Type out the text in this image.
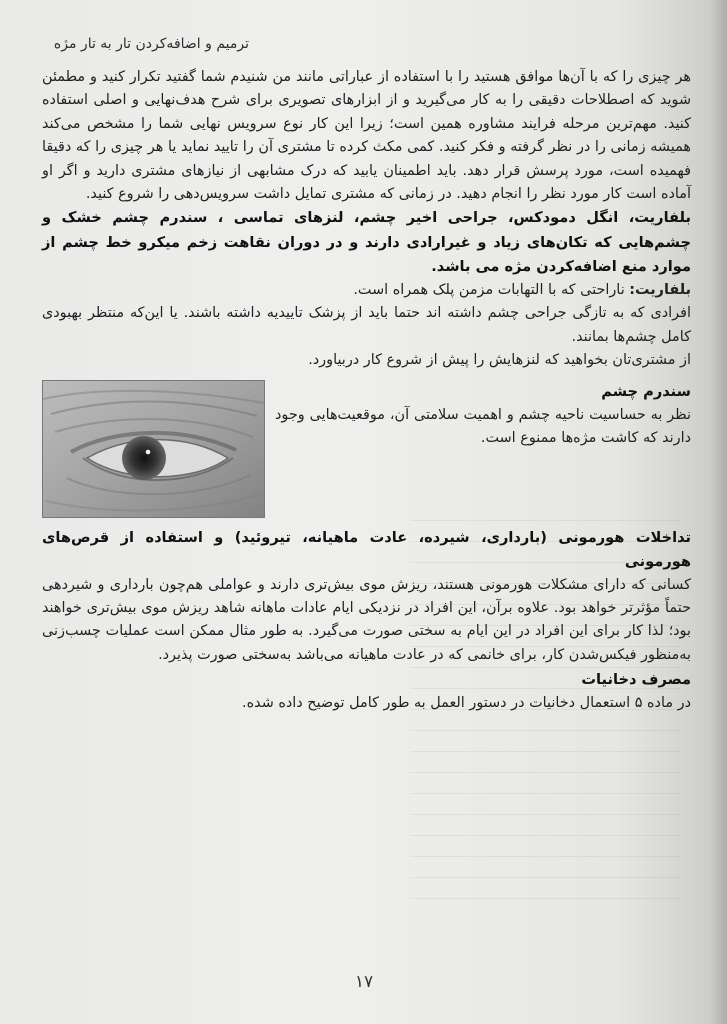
ترمیم و اضافه‌کردن تار به تار مژه

هر چیزی را که با آن‌ها موافق هستید را با استفاده از عباراتی مانند من شنیدم شما گفتید تکرار کنید و مطمئن شوید که اصطلاحات دقیقی را به کار می‌گیرید و از ابزارهای تصویری برای شرح هدف‌نهایی و اصلی استفاده کنید. مهم‌ترین مرحله فرایند مشاوره همین است؛ زیرا این کار نوع سرویس نهایی شما را مشخص می‌کند همیشه زمانی را در نظر گرفته و فکر کنید. کمی مکث کرده تا مشتری آن را تایید نماید یا هر چیزی را که دقیقا فهمیده است، مورد پرسش قرار دهد. باید اطمینان یابید که درک مشابهی از نیازهای مشتری دارید و اگر او آماده است کار مورد نظر را انجام دهید. در زمانی که مشتری تمایل داشت سرویس‌دهی را شروع کنید.

بلفاریت، انگل دمودکس، جراحی اخیر چشم، لنزهای تماسی ، سندرم چشم خشک و چشم‌هایی که تکان‌های زیاد و غیرارادی دارند و در دوران نقاهت زخم میکرو خط چشم از موارد منع اضافه‌کردن مژه می باشد.

بلفاریت: ناراحتی که با التهابات مزمن پلک همراه است.

افرادی که به تازگی جراحی چشم داشته اند حتما باید از پزشک تاییدیه داشته باشند. یا این‌که منتظر بهبودی کامل چشم‌ها بمانند.

از مشتری‌تان بخواهید که لنزهایش را پیش از شروع کار دربیاورد.

سندرم چشم

نظر به حساسیت ناحیه چشم و اهمیت سلامتی آن، موقعیت‌هایی وجود دارند که کاشت مژه‌ها ممنوع است.

تداخلات هورمونی (بارداری، شیرده، عادت ماهیانه، تیروئید) و استفاده از قرص‌های هورمونی

کسانی که دارای مشکلات هورمونی هستند، ریزش موی بیش‌تری دارند و عواملی هم‌چون بارداری و شیردهی حتماً مؤثرتر خواهد بود. علاوه برآن، این افراد در نزدیکی ایام عادات ماهانه شاهد ریزش موی بیش‌تری خواهند بود؛ لذا کار برای این افراد در این ایام به سختی صورت می‌گیرد. به طور مثال ممکن است عملیات چسب‌زنی به‌منظور فیکس‌شدن کار، برای خانمی که در عادت ماهیانه می‌باشد به‌سختی صورت پذیرد.

مصرف دخانیات

در ماده ۵ استعمال دخانیات در دستور العمل به طور کامل توضیح داده شده.

۱۷
